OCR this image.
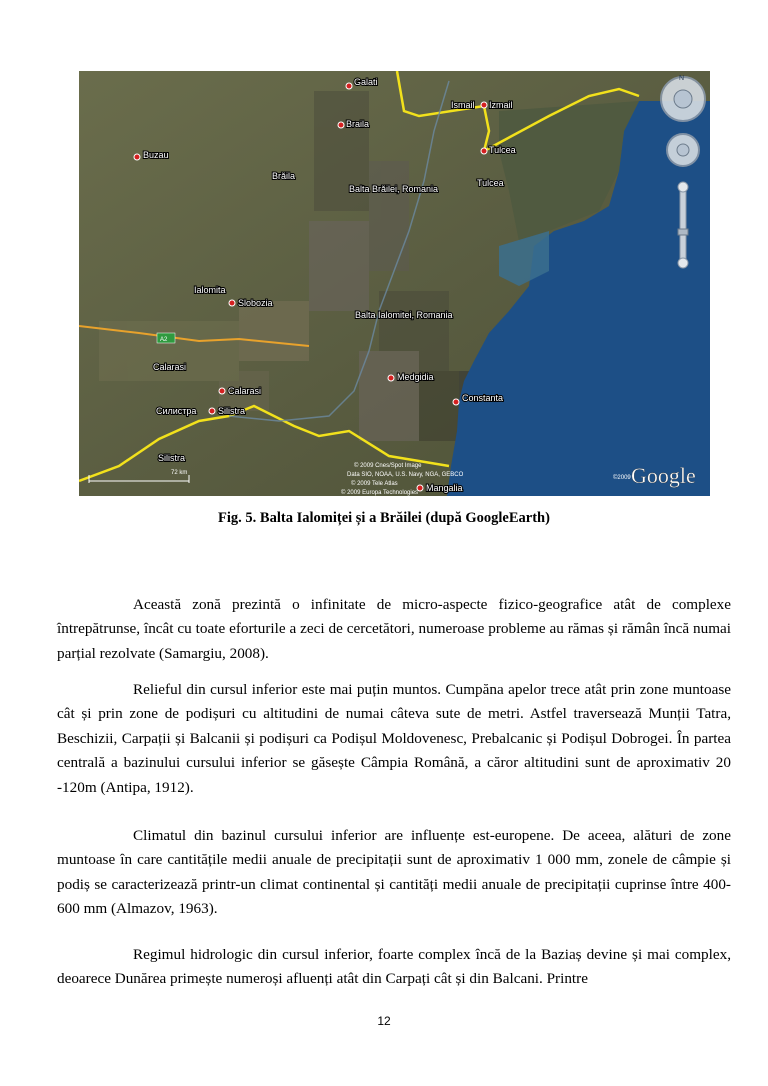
A2
Galati
Ismail Izmail
Braila
Buzau	Tulcea
Balta Brăilei, Romania
Ialomita
Slobozia
Balta Ialomitei, Romania
Calarasi
Medgidia
Constanta
Силистра Silistra
Mangalia
Brăila
Tulcea
Calarasi
Silistra
72 km
© 2009 Cnes/Spot Image
Data SIO, NOAA, U.S. Navy, NGA, GEBCO
© 2009 Tele Atlas
© 2009 Europa Technologies
©2009 Google
N
Fig. 5. Balta Ialomiței și a Brăilei (după GoogleEarth)

Această zonă prezintă o infinitate de micro-aspecte fizico-geografice atât de complexe întrepătrunse, încât cu toate eforturile a zeci de cercetători, numeroase probleme au rămas și rămân încă numai parțial rezolvate (Samargiu, 2008).

Relieful din cursul inferior este mai puțin muntos. Cumpăna apelor trece atât prin zone muntoase cât și prin zone de podișuri cu altitudini de numai câteva sute de metri. Astfel traversează Munții Tatra, Beschizii, Carpații și Balcanii și podișuri ca Podișul Moldovenesc, Prebalcanic și Podișul Dobrogei. În partea centrală a bazinului cursului inferior se găsește Câmpia Română, a căror altitudini sunt de aproximativ 20 -120m (Antipa, 1912).

Climatul din bazinul cursului inferior are influențe est-europene. De aceea, alături de zone muntoase în care cantitățile medii anuale de precipitații sunt de aproximativ 1 000 mm, zonele de câmpie și podiș se caracterizează printr-un climat continental și cantități medii anuale de precipitații cuprinse între 400-600 mm (Almazov, 1963).

Regimul hidrologic din cursul inferior, foarte complex încă de la Baziaș devine și mai complex, deoarece Dunărea primește numeroși afluenți atât din Carpați cât și din Balcani. Printre

12
